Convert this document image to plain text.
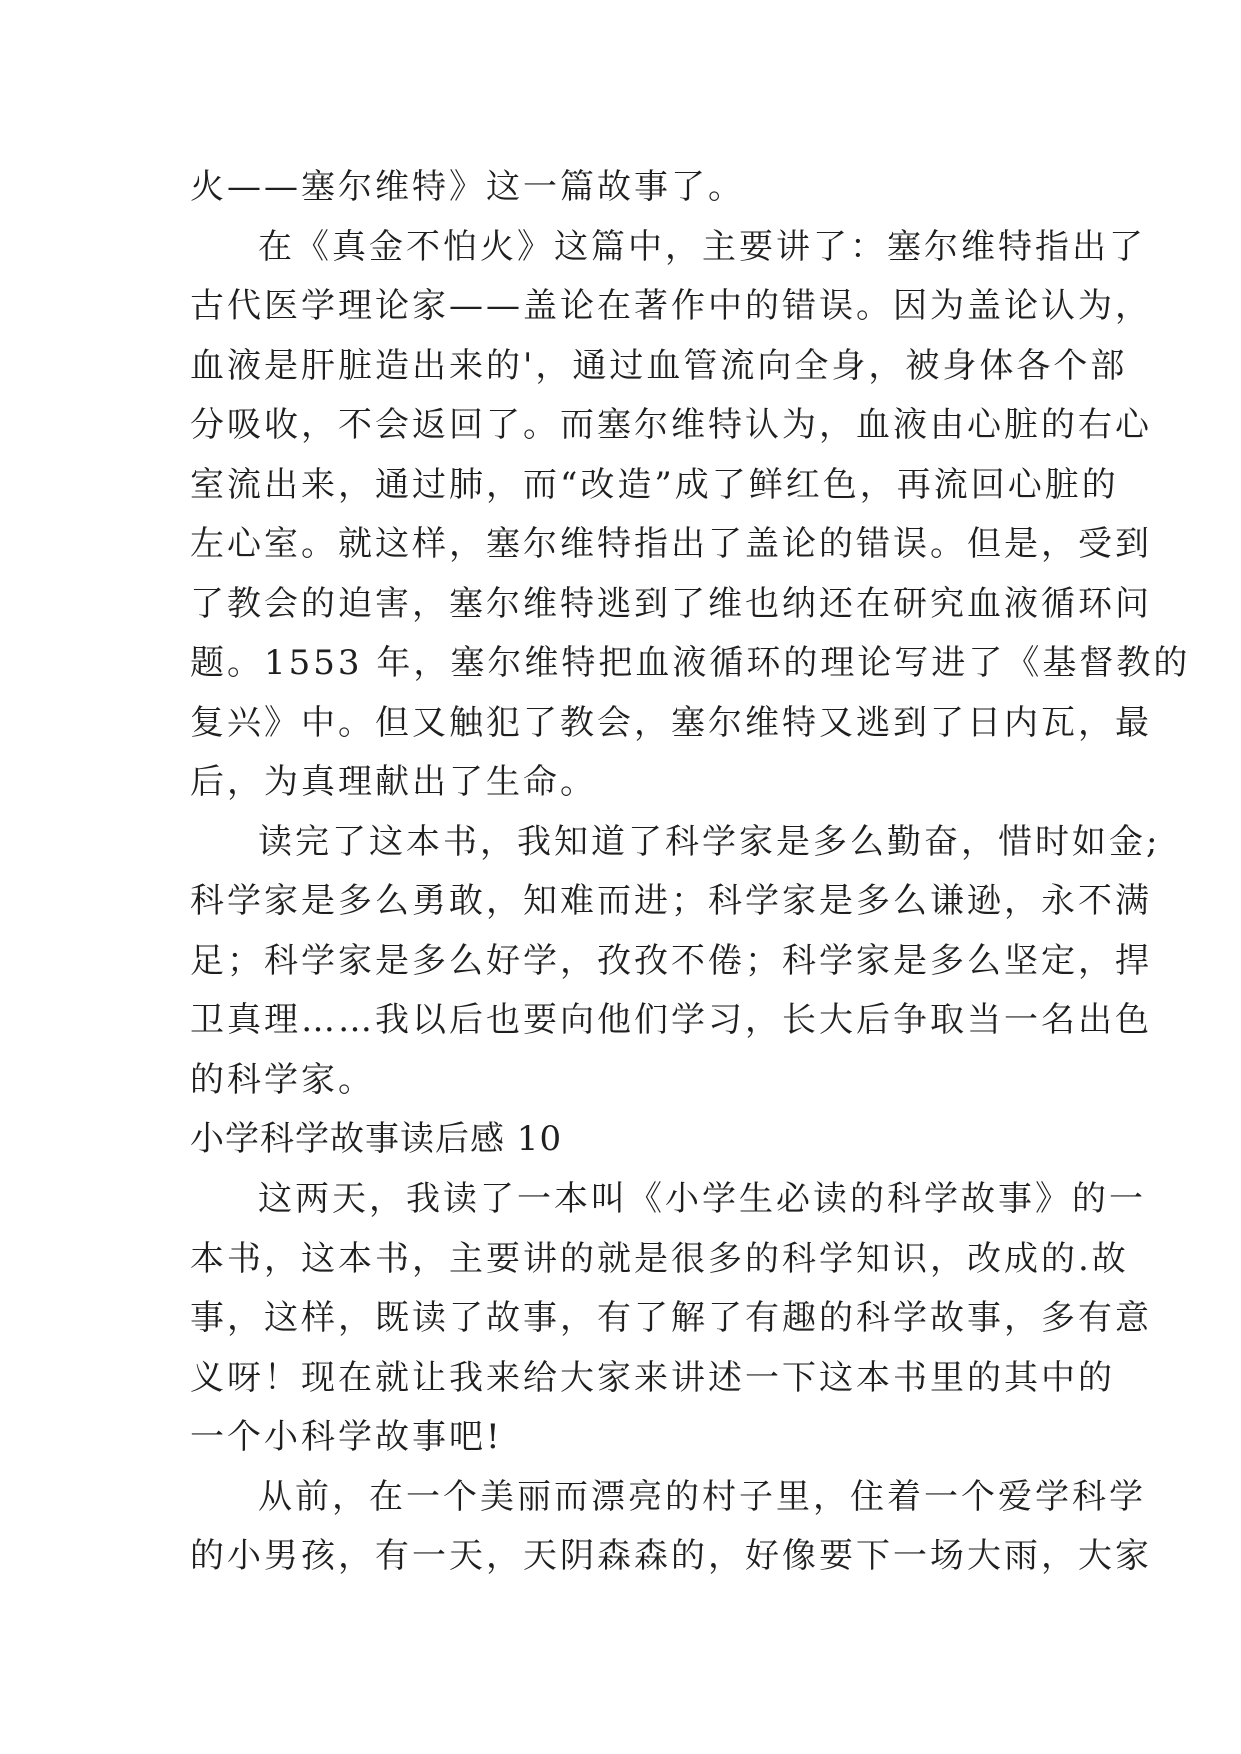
火——塞尔维特》这一篇故事了。
在《真金不怕火》这篇中，主要讲了：塞尔维特指出了
古代医学理论家——盖论在著作中的错误。因为盖论认为，
血液是肝脏造出来的'，通过血管流向全身，被身体各个部
分吸收，不会返回了。而塞尔维特认为，血液由心脏的右心
室流出来，通过肺，而“改造”成了鲜红色，再流回心脏的
左心室。就这样，塞尔维特指出了盖论的错误。但是，受到
了教会的迫害，塞尔维特逃到了维也纳还在研究血液循环问
题。1553 年，塞尔维特把血液循环的理论写进了《基督教的
复兴》中。但又触犯了教会，塞尔维特又逃到了日内瓦，最
后，为真理献出了生命。
读完了这本书，我知道了科学家是多么勤奋，惜时如金;
科学家是多么勇敢，知难而进；科学家是多么谦逊，永不满
足；科学家是多么好学，孜孜不倦；科学家是多么坚定，捍
卫真理……我以后也要向他们学习，长大后争取当一名出色
的科学家。
小学科学故事读后感 10
这两天，我读了一本叫《小学生必读的科学故事》的一
本书，这本书，主要讲的就是很多的科学知识，改成的.故
事，这样，既读了故事，有了解了有趣的科学故事，多有意
义呀！现在就让我来给大家来讲述一下这本书里的其中的
一个小科学故事吧!
从前，在一个美丽而漂亮的村子里，住着一个爱学科学
的小男孩，有一天，天阴森森的，好像要下一场大雨，大家
